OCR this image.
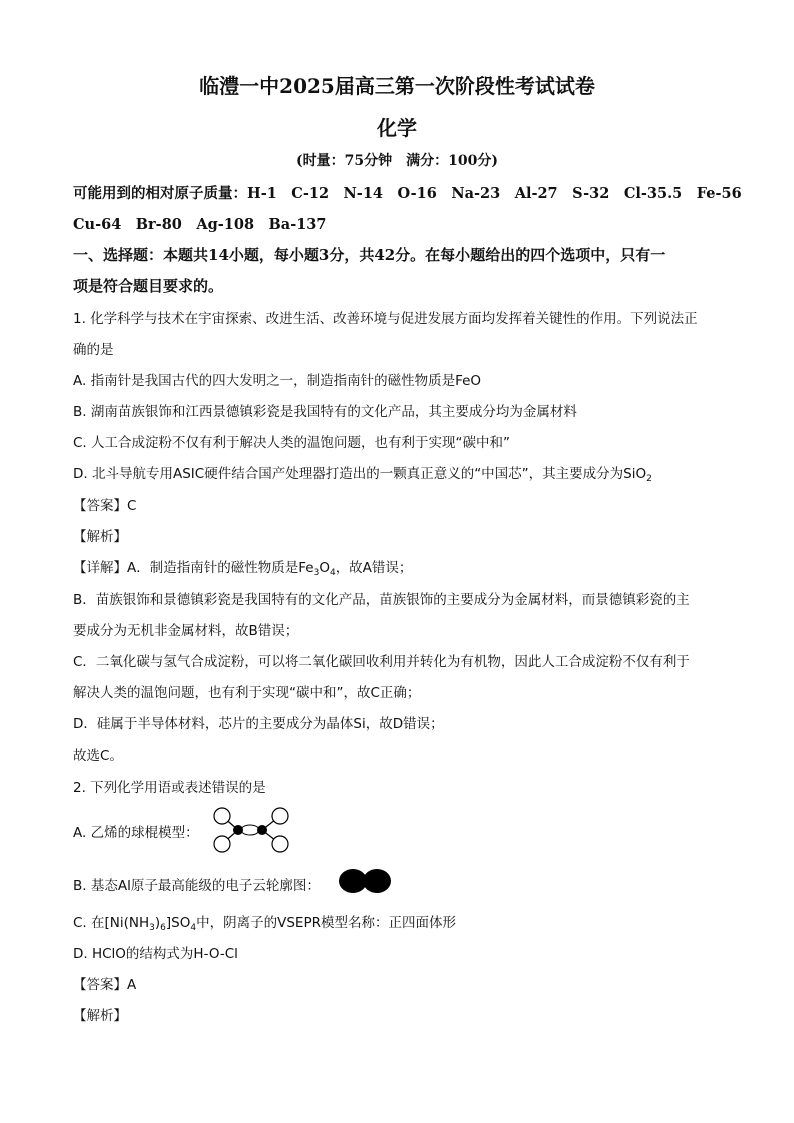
临澧一中2025届高三第一次阶段性考试试卷
化学
(时量：75分钟　满分：100分)
可能用到的相对原子质量：H-1　C-12　N-14　O-16　Na-23　Al-27　S-32　Cl-35.5　Fe-56
Cu-64　Br-80　Ag-108　Ba-137
一、选择题：本题共14小题，每小题3分，共42分。在每小题给出的四个选项中，只有一
项是符合题目要求的。
1. 化学科学与技术在宇宙探索、改进生活、改善环境与促进发展方面均发挥着关键性的作用。下列说法正
确的是
A. 指南针是我国古代的四大发明之一，制造指南针的磁性物质是FeO
B. 湖南苗族银饰和江西景德镇彩瓷是我国特有的文化产品，其主要成分均为金属材料
C. 人工合成淀粉不仅有利于解决人类的温饱问题，也有利于实现“碳中和”
D. 北斗导航专用ASIC硬件结合国产处理器打造出的一颗真正意义的“中国芯”，其主要成分为SiO$_2$
【答案】C
【解析】
【详解】A．制造指南针的磁性物质是$Fe_3O_4$，故A错误；
B．苗族银饰和景德镇彩瓷是我国特有的文化产品，苗族银饰的主要成分为金属材料，而景德镇彩瓷的主
要成分为无机非金属材料，故B错误；
C．二氧化碳与氢气合成淀粉，可以将二氧化碳回收利用并转化为有机物，因此人工合成淀粉不仅有利于
解决人类的温饱问题，也有利于实现“碳中和”，故C正确；
D．硅属于半导体材料，芯片的主要成分为晶体Si，故D错误；
故选C。
2. 下列化学用语或表述错误的是
A. 乙烯的球棍模型：
B. 基态Al原子最高能级的电子云轮廓图：
C. 在$[Ni(NH_3)_6]SO_4$中，阴离子的VSEPR模型名称：正四面体形
D. HClO的结构式为H-O-Cl
【答案】A
【解析】
